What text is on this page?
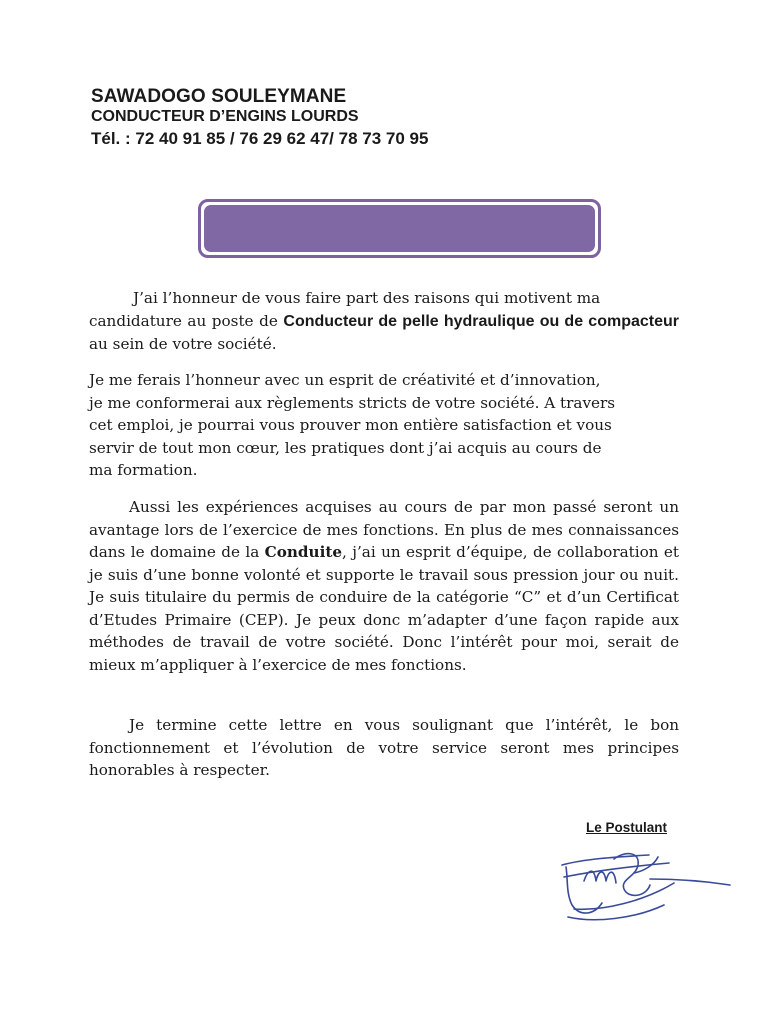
SAWADOGO SOULEYMANE
CONDUCTEUR D’ENGINS LOURDS
Tél. : 72 40 91 85 / 76 29 62 47/ 78 73 70 95

J’ai l’honneur de vous faire part des raisons qui motivent ma
candidature au poste de Conducteur de pelle hydraulique ou de compacteur au sein de votre société.

Je me ferais l’honneur avec un esprit de créativité et d’innovation,
je me conformerai aux règlements stricts de votre société. A travers
cet emploi, je pourrai vous prouver mon entière satisfaction et vous
servir de tout mon cœur, les pratiques dont j’ai acquis au cours de
ma formation.

Aussi les expériences acquises au cours de par mon passé seront un avantage lors de l’exercice de mes fonctions. En plus de mes connaissances dans le domaine de la Conduite, j’ai un esprit d’équipe, de collaboration et je suis d’une bonne volonté et supporte le travail sous pression jour ou nuit. Je suis titulaire du permis de conduire de la catégorie “C” et d’un Certificat d’Etudes Primaire (CEP). Je peux donc m’adapter d’une façon rapide aux méthodes de travail de votre société. Donc l’intérêt pour moi, serait de mieux m’appliquer à l’exercice de mes fonctions.

Je termine cette lettre en vous soulignant que l’intérêt, le bon fonctionnement et l’évolution de votre service seront mes principes honorables à respecter.

Le Postulant
